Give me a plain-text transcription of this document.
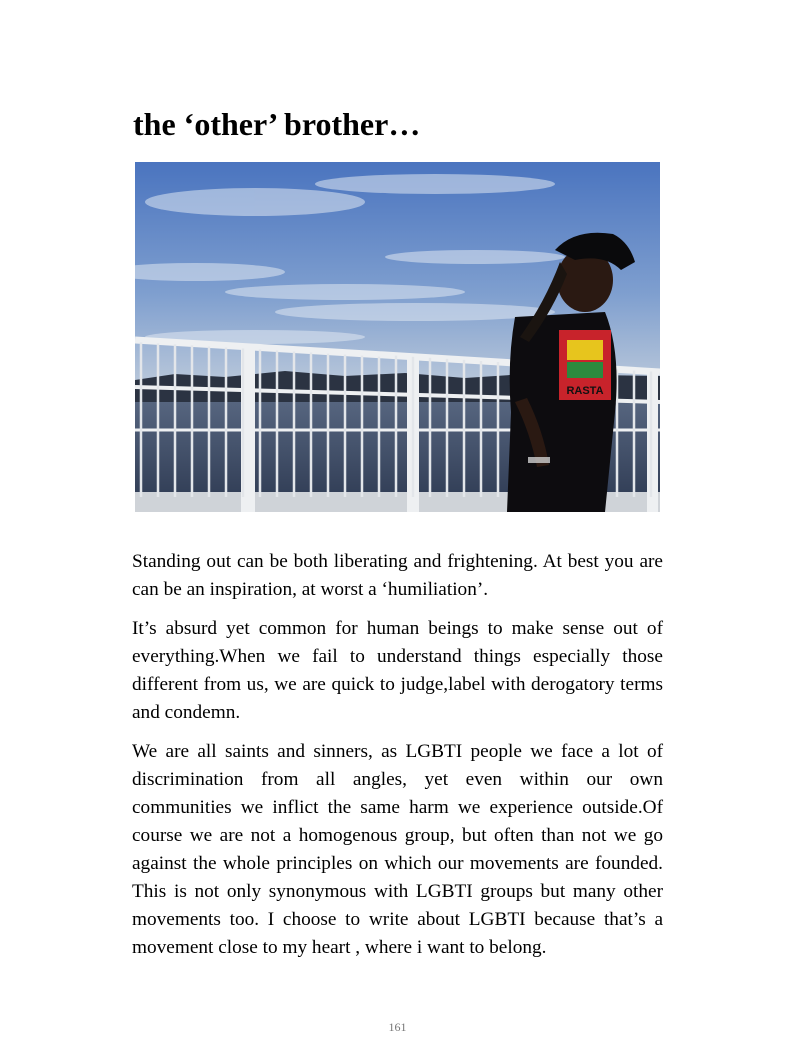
the ‘other’ brother…
RASTA

Standing out can be both liberating and frightening. At best you are can be an inspiration, at worst a ‘humiliation’.

It’s absurd yet common for human beings to make sense out of everything.When we fail to understand things especially those different from us, we are quick to judge,label with derogatory terms and condemn.

We are all saints and sinners, as LGBTI people we face a lot of discrimination from all angles, yet even within our own communities we inflict the same harm we experience outside.Of course we are not a homogenous group, but often than not we go against the whole principles on which our movements are founded. This is not only synonymous with LGBTI groups but many other movements too. I choose to write about LGBTI because that’s a movement close to my heart , where i want to belong.

161
